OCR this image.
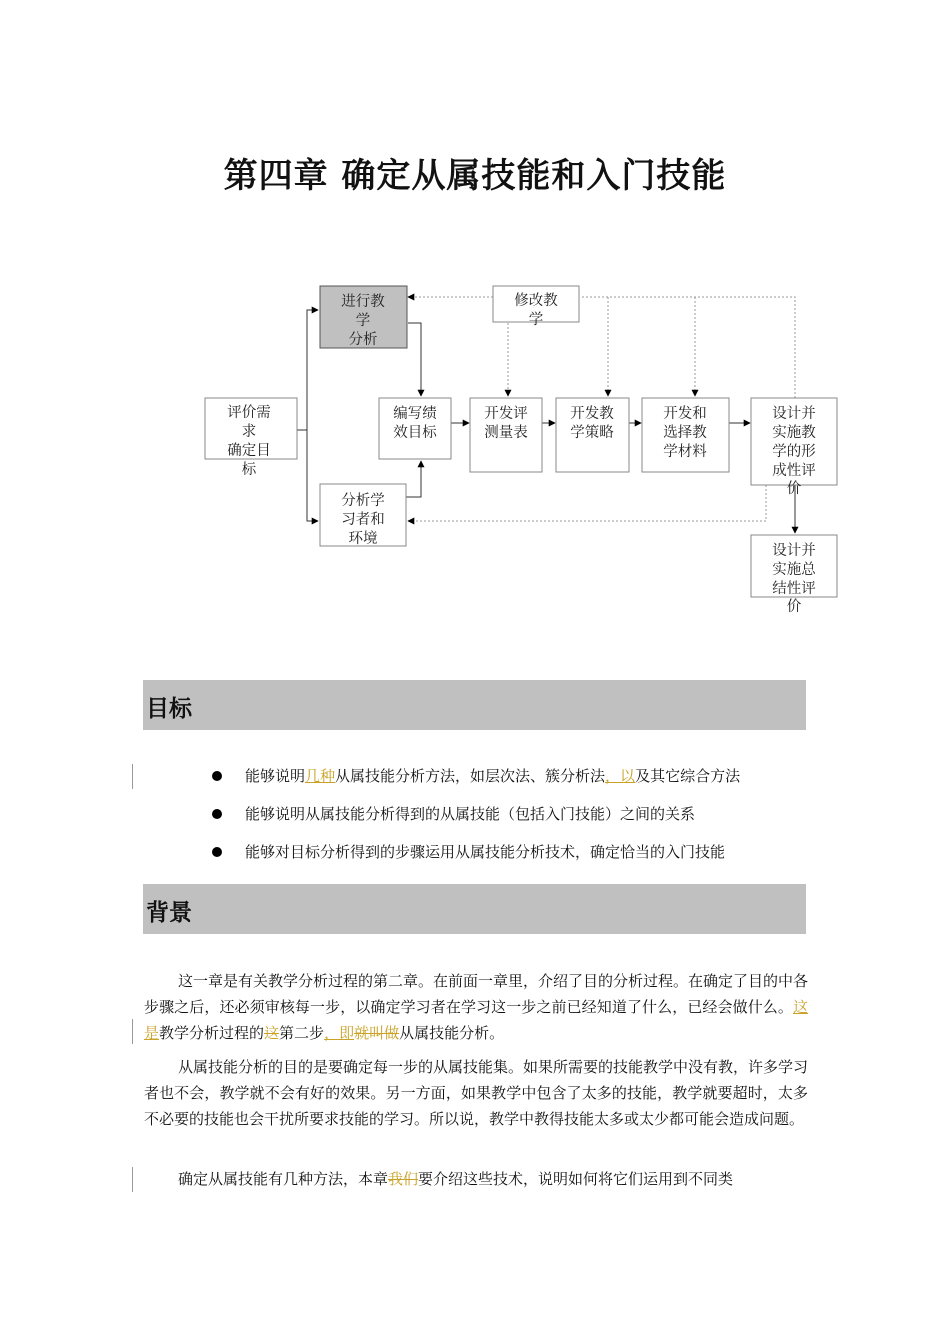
第四章 确定从属技能和入门技能
进行教学分析
修改教学
评价需求确定目标
编写绩效目标
开发评测量表
开发教学策略
开发和选择教学材料
设计并实施教学的形成性评价
分析学习者和环境
设计并实施总结性评价
目标
能够说明几种从属技能分析方法，如层次法、簇分析法，以及其它综合方法
能够说明从属技能分析得到的从属技能（包括入门技能）之间的关系
能够对目标分析得到的步骤运用从属技能分析技术，确定恰当的入门技能
背景

这一章是有关教学分析过程的第二章。在前面一章里，介绍了目的分析过程。在确定了目的中各步骤之后，还必须审核每一步，以确定学习者在学习这一步之前已经知道了什么，已经会做什么。这是教学分析过程的这第二步，即就叫做从属技能分析。

从属技能分析的目的是要确定每一步的从属技能集。如果所需要的技能教学中没有教，许多学习者也不会，教学就不会有好的效果。另一方面，如果教学中包含了太多的技能，教学就要超时，太多不必要的技能也会干扰所要求技能的学习。所以说，教学中教得技能太多或太少都可能会造成问题。

确定从属技能有几种方法，本章我们要介绍这些技术，说明如何将它们运用到不同类
